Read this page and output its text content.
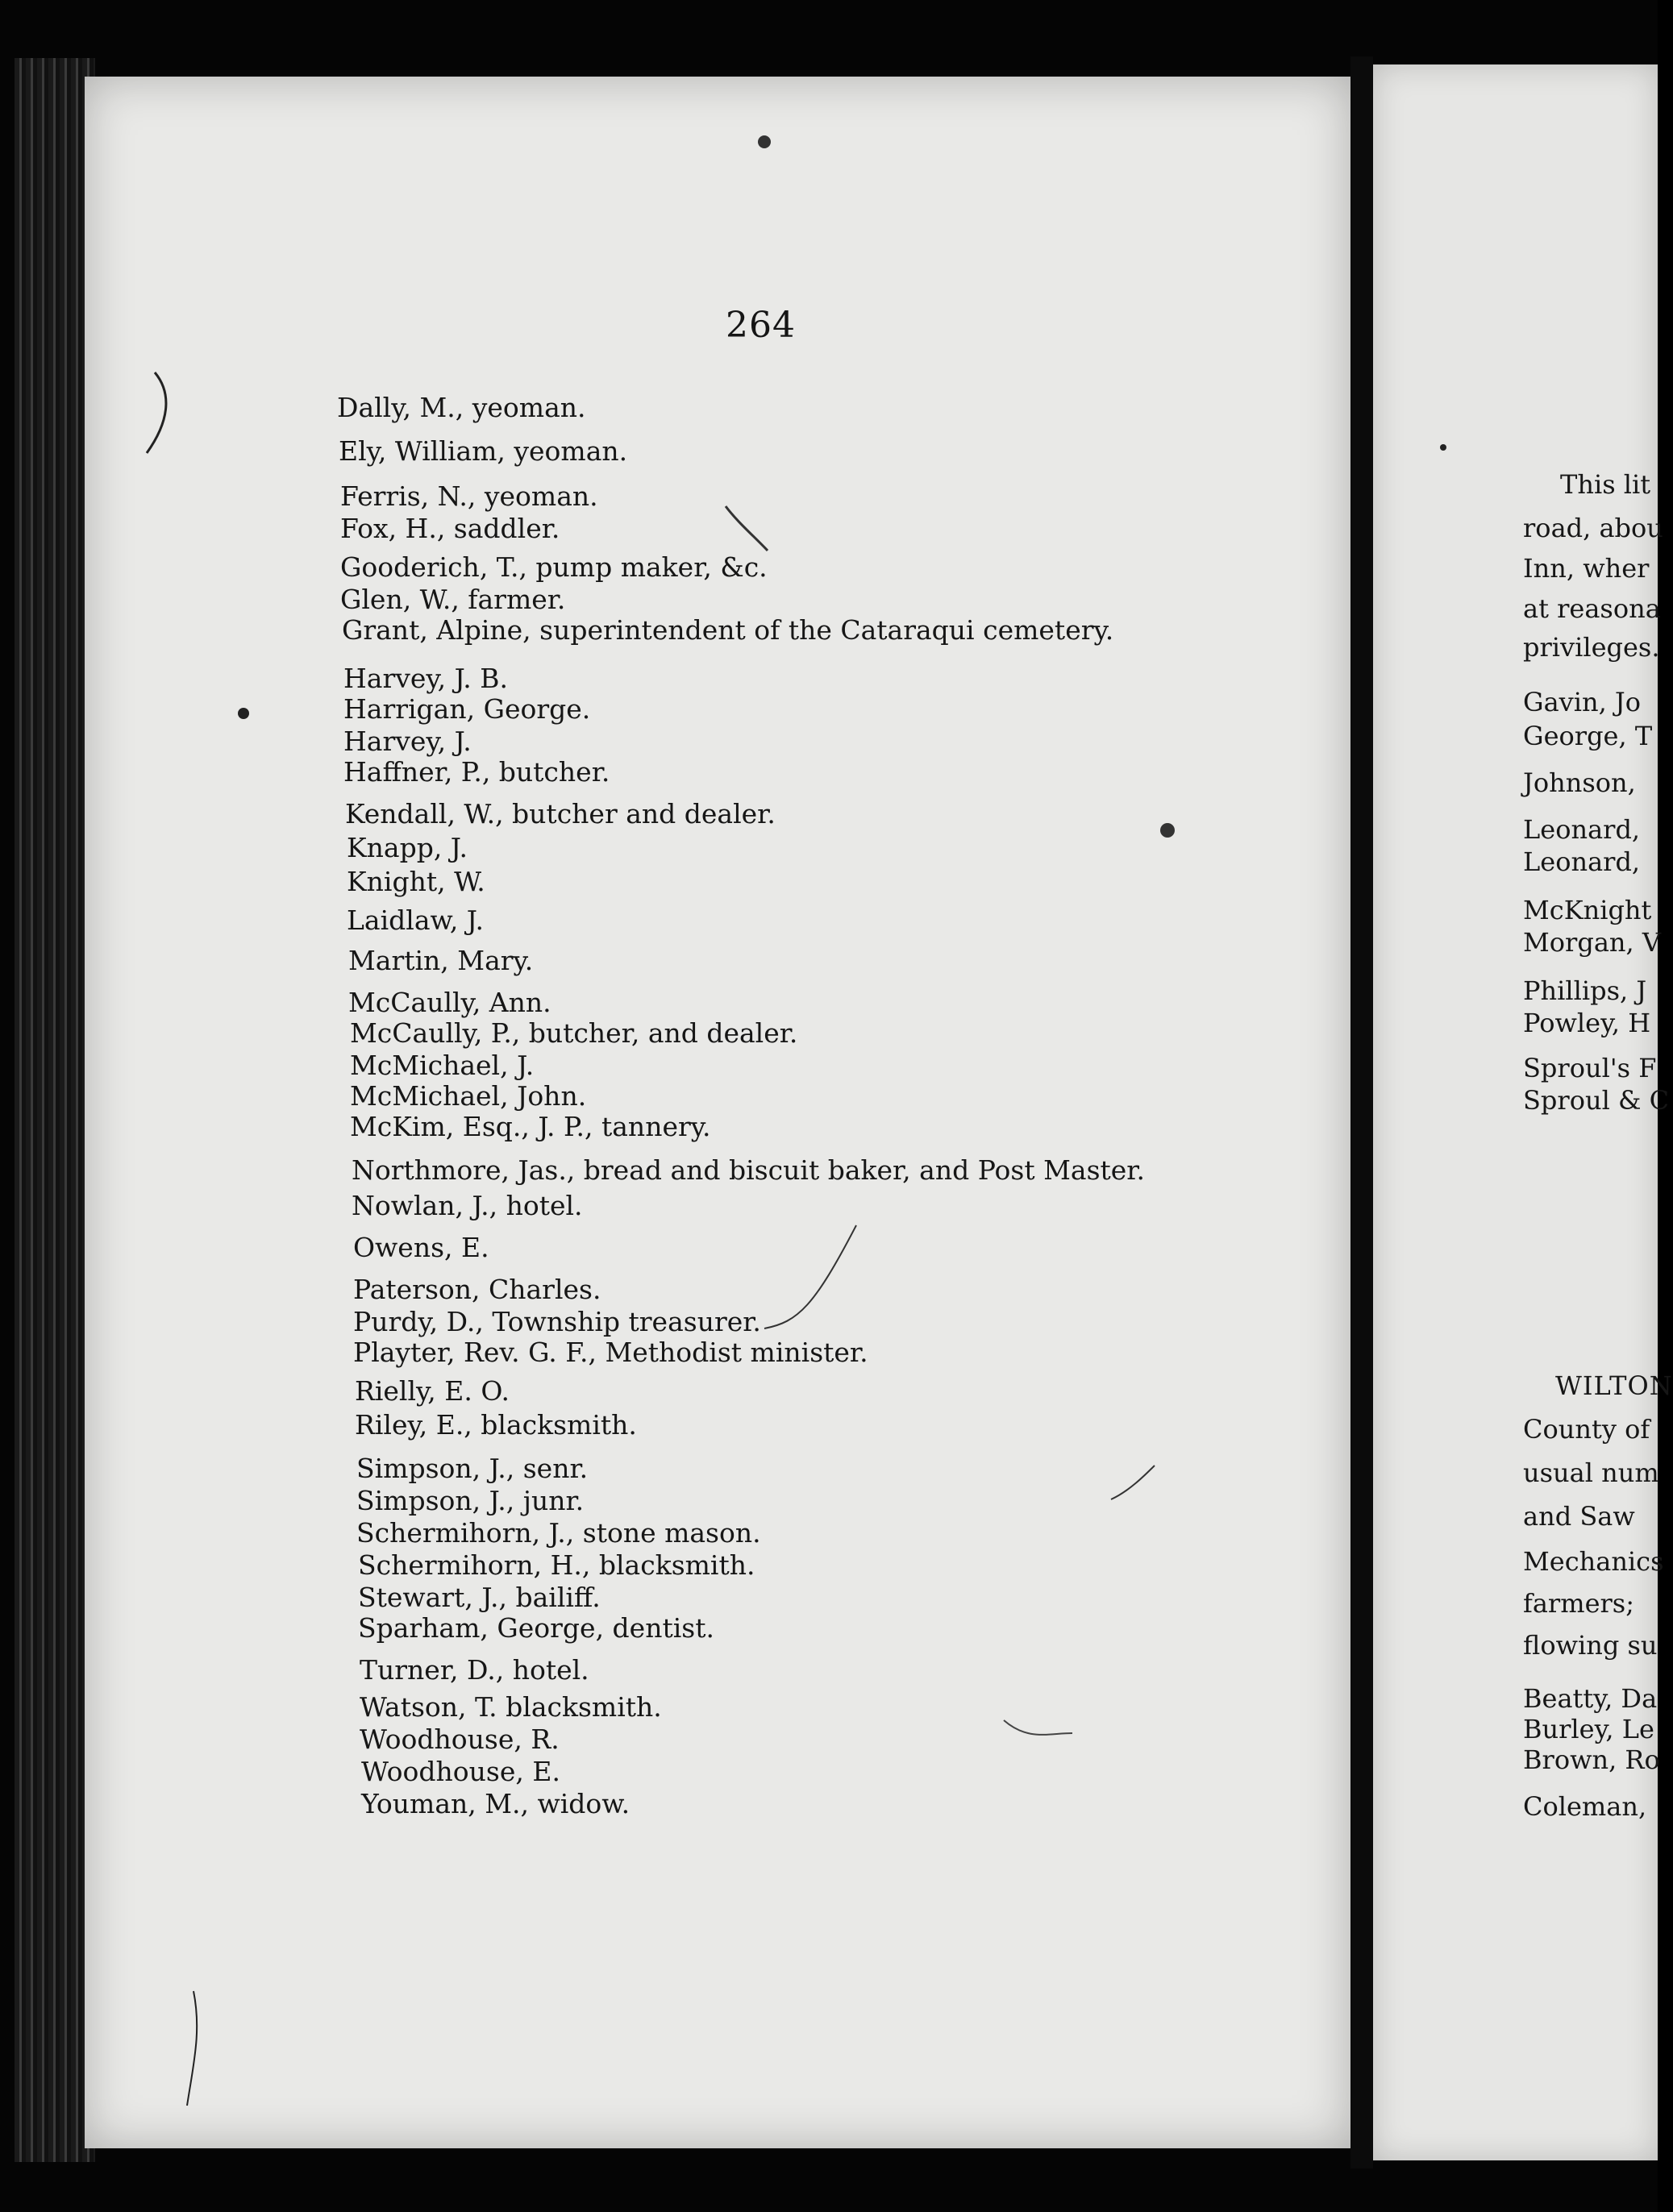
264
Dally, M., yeoman.
Ely, William, yeoman.
Ferris, N., yeoman.
Fox, H., saddler.
Gooderich, T., pump maker, &c.
Glen, W., farmer.
Grant, Alpine, superintendent of the Cataraqui cemetery.
Harvey, J. B.
Harrigan, George.
Harvey, J.
Haffner, P., butcher.
Kendall, W., butcher and dealer.
Knapp, J.
Knight, W.
Laidlaw, J.
Martin, Mary.
McCaully, Ann.
McCaully, P., butcher, and dealer.
McMichael, J.
McMichael, John.
McKim, Esq., J. P., tannery.
Northmore, Jas., bread and biscuit baker, and Post Master.
Nowlan, J., hotel.
Owens, E.
Paterson, Charles.
Purdy, D., Township treasurer.
Playter, Rev. G. F., Methodist minister.
Rielly, E. O.
Riley, E., blacksmith.
Simpson, J., senr.
Simpson, J., junr.
Schermihorn, J., stone mason.
Schermihorn, H., blacksmith.
Stewart, J., bailiff.
Sparham, George, dentist.
Turner, D., hotel.
Watson, T. blacksmith.
Woodhouse, R.
Woodhouse, E.
Youman, M., widow.
This lit
road, abou
Inn, wher
at reasona
privileges.
Gavin, Jo
George, T
Johnson,
Leonard,
Leonard,
McKnight
Morgan, V
Phillips, J
Powley, H
Sproul's F
Sproul & C
WILTON
County of
usual num
and Saw
Mechanics
farmers;
flowing su
Beatty, Da
Burley, Le
Brown, Ro
Coleman,
